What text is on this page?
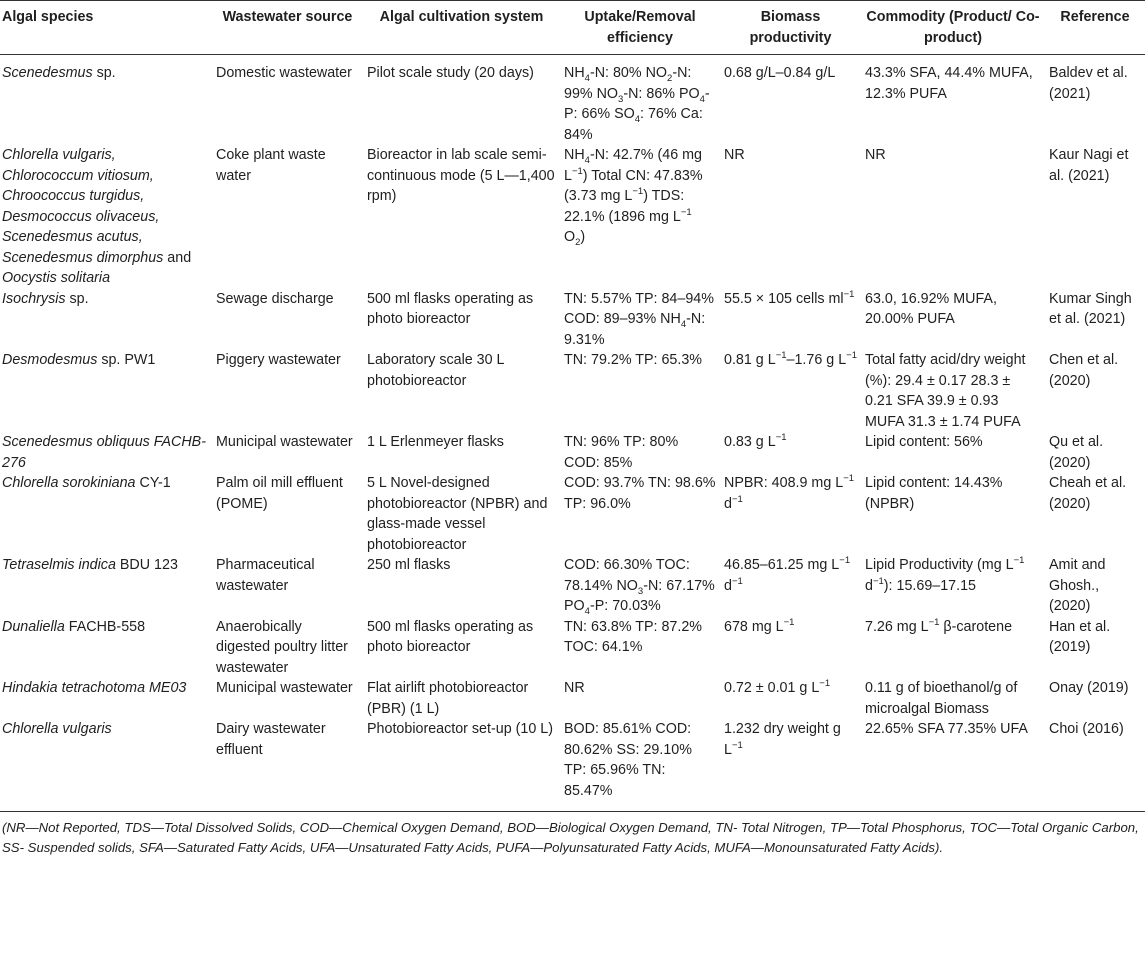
Algal species	Wastewater source	Algal cultivation system	Uptake/Removal efficiency	Biomass productivity	Commodity (Product/ Co-product)	Reference
Scenedesmus sp.	Domestic wastewater	Pilot scale study (20 days)	$NH_4-N$: 80% $NO_2-N$: 99% $NO_3-N$: 86% $PO_4-P$: 66% $SO_4$: 76% Ca: 84%	0.68 g/L–0.84 g/L	43.3% SFA, 44.4% MUFA, 12.3% PUFA	Baldev et al. (2021)
Chlorella vulgaris, Chlorococcum vitiosum, Chroococcus turgidus, Desmococcus olivaceus, Scenedesmus acutus, Scenedesmus dimorphus and Oocystis solitaria	Coke plant waste water	Bioreactor in lab scale semi-continuous mode (5 L—1,400 rpm)	$NH_4-N$: 42.7% (46 mg $L^{-1}$) Total CN: 47.83% (3.73 mg $L^{-1}$) TDS: 22.1% (1896 mg $L^{-1}$ $O_2$)	NR	NR	Kaur Nagi et al. (2021)
Isochrysis sp.	Sewage discharge	500 ml flasks operating as photo bioreactor	TN: 5.57% TP: 84–94% COD: 89–93% $NH_4-N$: 9.31%	55.5 × 105 cells $ml^{-1}$	63.0, 16.92% MUFA, 20.00% PUFA	Kumar Singh et al. (2021)
Desmodesmus sp. PW1	Piggery wastewater	Laboratory scale 30 L photobioreactor	TN: 79.2% TP: 65.3%	0.81 g $L^{-1}-1.76$ g $L^{-1}$	Total fatty acid/dry weight (%): 29.4 ± 0.17 28.3 ± 0.21 SFA 39.9 ± 0.93 MUFA 31.3 ± 1.74 PUFA	Chen et al. (2020)
Scenedesmus obliquus FACHB-276	Municipal wastewater	1 L Erlenmeyer flasks	TN: 96% TP: 80% COD: 85%	0.83 g $L^{-1}$	Lipid content: 56%	Qu et al. (2020)
Chlorella sorokiniana CY-1	Palm oil mill effluent (POME)	5 L Novel-designed photobioreactor (NPBR) and glass-made vessel photobioreactor	COD: 93.7% TN: 98.6% TP: 96.0%	NPBR: 408.9 mg $L^{-1}$ $d^{-1}$	Lipid content: 14.43% (NPBR)	Cheah et al. (2020)
Tetraselmis indica BDU 123	Pharmaceutical wastewater	250 ml flasks	COD: 66.30% TOC: 78.14% $NO_3-N$: 67.17% $PO_4-P$: 70.03%	46.85–61.25 mg $L^{-1}$ $d^{-1}$	Lipid Productivity (mg $L^{-1}$ $d^{-1}$): 15.69–17.15	Amit and Ghosh., (2020)
Dunaliella FACHB-558	Anaerobically digested poultry litter wastewater	500 ml flasks operating as photo bioreactor	TN: 63.8% TP: 87.2% TOC: 64.1%	678 mg $L^{-1}$	7.26 mg $L^{-1}$ β-carotene	Han et al. (2019)
Hindakia tetrachotoma ME03	Municipal wastewater	Flat airlift photobioreactor (PBR) (1 L)	NR	0.72 ± 0.01 g $L^{-1}$	0.11 g of bioethanol/g of microalgal Biomass	Onay (2019)
Chlorella vulgaris	Dairy wastewater effluent	Photobioreactor set-up (10 L)	BOD: 85.61% COD: 80.62% SS: 29.10% TP: 65.96% TN: 85.47%	1.232 dry weight g $L^{-1}$	22.65% SFA 77.35% UFA	Choi (2016)
(NR—Not Reported, TDS—Total Dissolved Solids, COD—Chemical Oxygen Demand, BOD—Biological Oxygen Demand, TN- Total Nitrogen, TP—Total Phosphorus, TOC—Total Organic Carbon, SS- Suspended solids, SFA—Saturated Fatty Acids, UFA—Unsaturated Fatty Acids, PUFA—Polyunsaturated Fatty Acids, MUFA—Monounsaturated Fatty Acids).
